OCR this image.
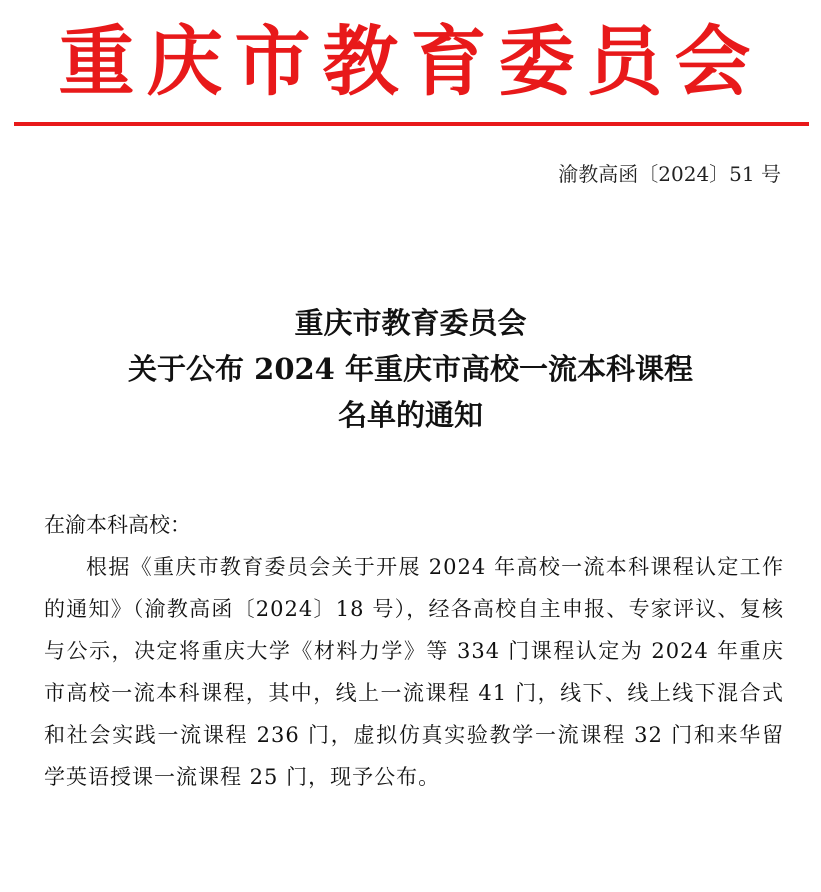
重庆市教育委员会
渝教高函〔2024〕51 号
重庆市教育委员会
关于公布 2024 年重庆市高校一流本科课程
名单的通知
在渝本科高校：
根据《重庆市教育委员会关于开展 2024 年高校一流本科课程认定工作的通知》（渝教高函〔2024〕18 号），经各高校自主申报、专家评议、复核与公示，决定将重庆大学《材料力学》等 334 门课程认定为 2024 年重庆市高校一流本科课程，其中，线上一流课程 41 门，线下、线上线下混合式和社会实践一流课程 236 门，虚拟仿真实验教学一流课程 32 门和来华留学英语授课一流课程 25 门，现予公布。
